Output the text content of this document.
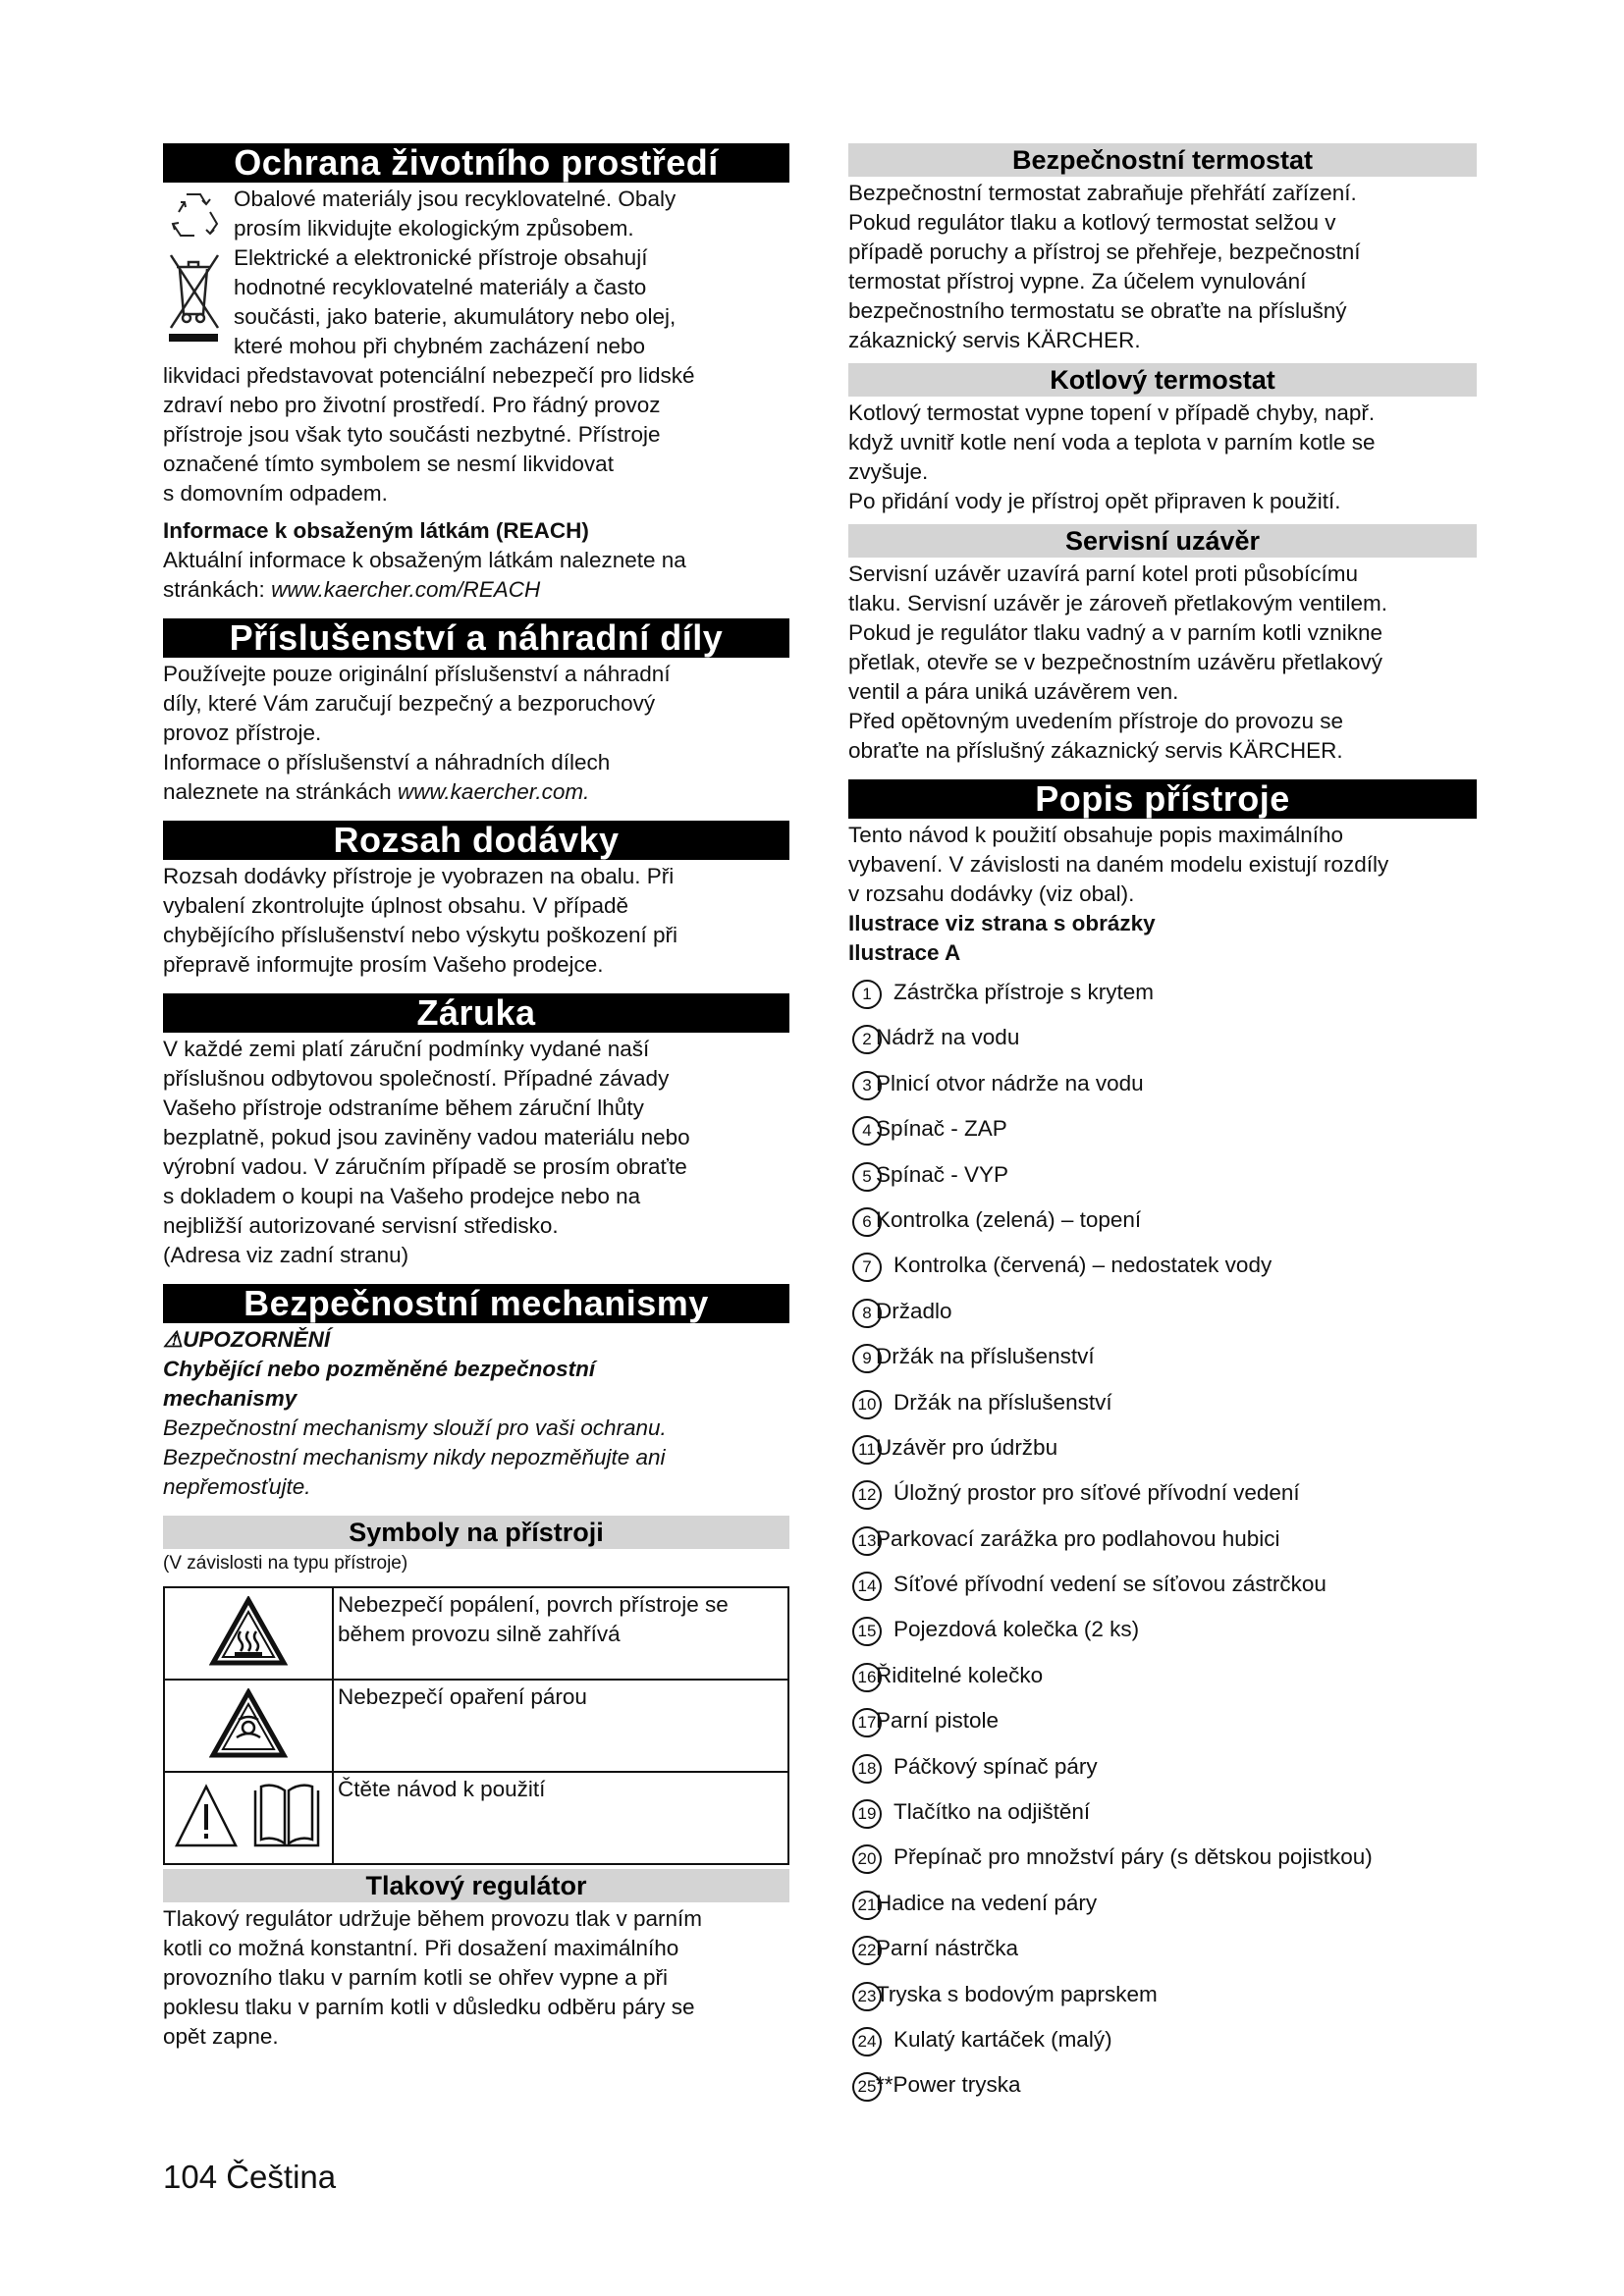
Ochrana životního prostředí

Obalové materiály jsou recyklovatelné. Obaly

prosím likvidujte ekologickým způsobem.

Elektrické a elektronické přístroje obsahují

hodnotné recyklovatelné materiály a často

součásti, jako baterie, akumulátory nebo olej,

které mohou při chybném zacházení nebo

likvidaci představovat potenciální nebezpečí pro lidské

zdraví nebo pro životní prostředí. Pro řádný provoz

přístroje jsou však tyto součásti nezbytné. Přístroje

označené tímto symbolem se nesmí likvidovat

s domovním odpadem.

Informace k obsaženým látkám (REACH)

Aktuální informace k obsaženým látkám naleznete na

stránkách: www.kaercher.com/REACH

Příslušenství a náhradní díly

Používejte pouze originální příslušenství a náhradní

díly, které Vám zaručují bezpečný a bezporuchový

provoz přístroje.

Informace o příslušenství a náhradních dílech

naleznete na stránkách www.kaercher.com.

Rozsah dodávky

Rozsah dodávky přístroje je vyobrazen na obalu. Při

vybalení zkontrolujte úplnost obsahu. V případě

chybějícího příslušenství nebo výskytu poškození při

přepravě informujte prosím Vašeho prodejce.

Záruka

V každé zemi platí záruční podmínky vydané naší

příslušnou odbytovou společností. Případné závady

Vašeho přístroje odstraníme během záruční lhůty

bezplatně, pokud jsou zaviněny vadou materiálu nebo

výrobní vadou. V záručním případě se prosím obraťte

s dokladem o koupi na Vašeho prodejce nebo na

nejbližší autorizované servisní středisko.

(Adresa viz zadní stranu)

Bezpečnostní mechanismy

⚠UPOZORNĚNÍ

Chybějící nebo pozměněné bezpečnostní

mechanismy

Bezpečnostní mechanismy slouží pro vaši ochranu.

Bezpečnostní mechanismy nikdy nepozměňujte ani

nepřemosťujte.

Symboly na přístroji

(V závislosti na typu přístroje)

Nebezpečí popálení, povrch přístroje se
během provozu silně zahřívá

Nebezpečí opaření párou

Čtěte návod k použití
Tlakový regulátor

Tlakový regulátor udržuje během provozu tlak v parním

kotli co možná konstantní. Při dosažení maximálního

provozního tlaku v parním kotli se ohřev vypne a při

poklesu tlaku v parním kotli v důsledku odběru páry se

opět zapne.

Bezpečnostní termostat

Bezpečnostní termostat zabraňuje přehřátí zařízení.

Pokud regulátor tlaku a kotlový termostat selžou v

případě poruchy a přístroj se přehřeje, bezpečnostní

termostat přístroj vypne. Za účelem vynulování

bezpečnostního termostatu se obraťte na příslušný

zákaznický servis KÄRCHER.

Kotlový termostat

Kotlový termostat vypne topení v případě chyby, např.

když uvnitř kotle není voda a teplota v parním kotle se

zvyšuje.

Po přidání vody je přístroj opět připraven k použití.

Servisní uzávěr

Servisní uzávěr uzavírá parní kotel proti působícímu

tlaku. Servisní uzávěr je zároveň přetlakovým ventilem.

Pokud je regulátor tlaku vadný a v parním kotli vznikne

přetlak, otevře se v bezpečnostním uzávěru přetlakový

ventil a pára uniká uzávěrem ven.

Před opětovným uvedením přístroje do provozu se

obraťte na příslušný zákaznický servis KÄRCHER.

Popis přístroje

Tento návod k použití obsahuje popis maximálního

vybavení. V závislosti na daném modelu existují rozdíly

v rozsahu dodávky (viz obal).

Ilustrace viz strana s obrázky

Ilustrace A

1 Zástrčka přístroje s krytem
2 Nádrž na vodu
3 Plnicí otvor nádrže na vodu
4 Spínač - ZAP
5 Spínač - VYP
6 Kontrolka (zelená) – topení
7 Kontrolka (červená) – nedostatek vody
8 Držadlo
9 Držák na příslušenství
10 Držák na příslušenství
11 Uzávěr pro údržbu
12 Úložný prostor pro síťové přívodní vedení
13 Parkovací zarážka pro podlahovou hubici
14 Síťové přívodní vedení se síťovou zástrčkou
15 Pojezdová kolečka (2 ks)
16 Řiditelné kolečko
17 Parní pistole
18 Páčkový spínač páry
19 Tlačítko na odjištění
20 Přepínač pro množství páry (s dětskou pojistkou)
21 Hadice na vedení páry
22 Parní nástrčka
23 Tryska s bodovým paprskem
24 Kulatý kartáček (malý)
25 **Power tryska
104 Čeština
